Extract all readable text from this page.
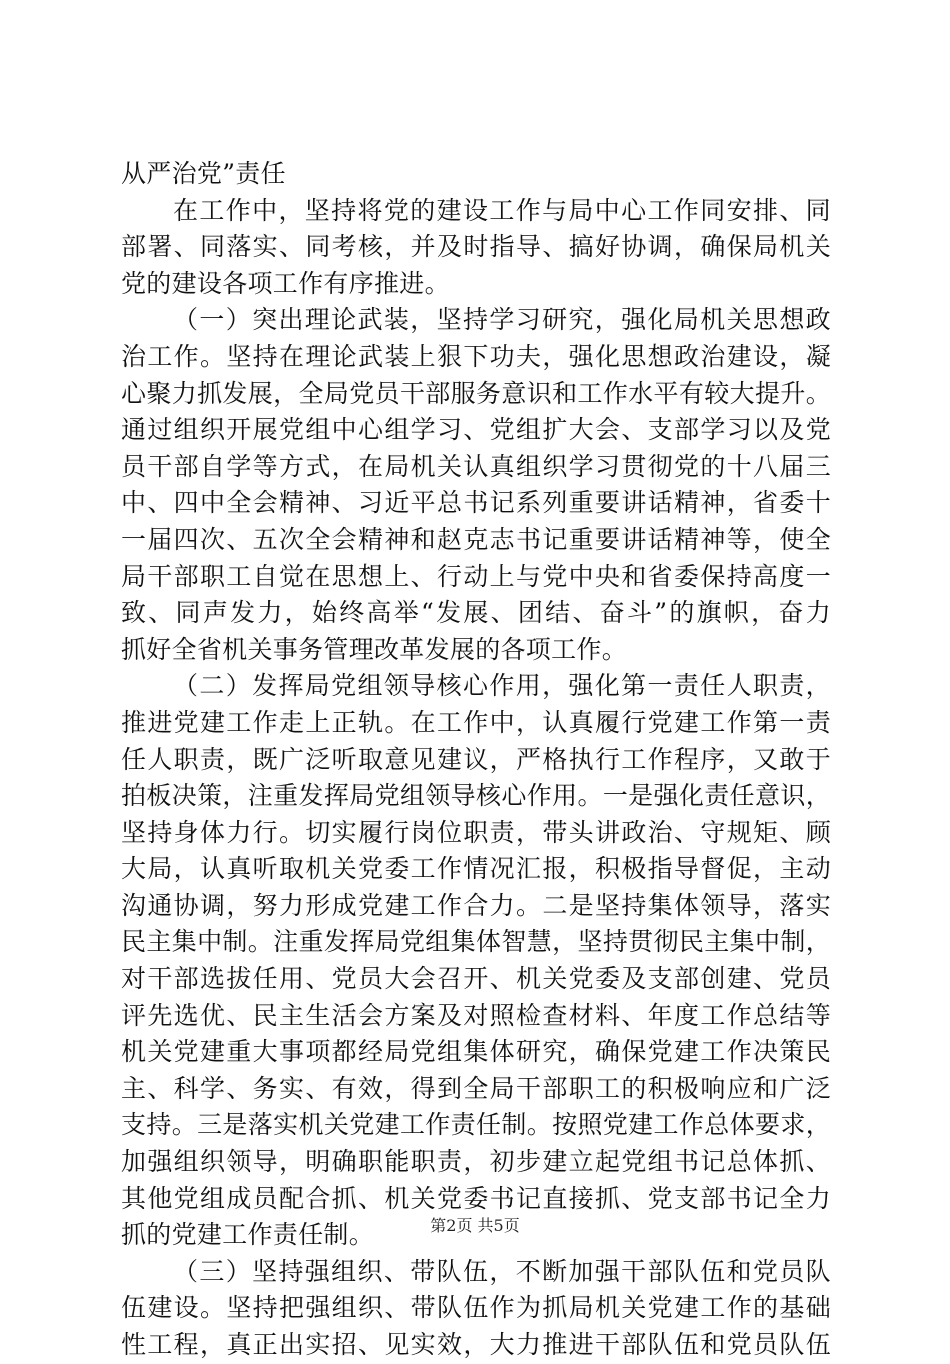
从严治党”责任
在工作中，坚持将党的建设工作与局中心工作同安排、同
部署、同落实、同考核，并及时指导、搞好协调，确保局机关
党的建设各项工作有序推进。
（一）突出理论武装，坚持学习研究，强化局机关思想政
治工作。坚持在理论武装上狠下功夫，强化思想政治建设，凝
心聚力抓发展，全局党员干部服务意识和工作水平有较大提升。
通过组织开展党组中心组学习、党组扩大会、支部学习以及党
员干部自学等方式，在局机关认真组织学习贯彻党的十八届三
中、四中全会精神、习近平总书记系列重要讲话精神，省委十
一届四次、五次全会精神和赵克志书记重要讲话精神等，使全
局干部职工自觉在思想上、行动上与党中央和省委保持高度一
致、同声发力，始终高举“发展、团结、奋斗”的旗帜，奋力
抓好全省机关事务管理改革发展的各项工作。
（二）发挥局党组领导核心作用，强化第一责任人职责，
推进党建工作走上正轨。在工作中，认真履行党建工作第一责
任人职责，既广泛听取意见建议，严格执行工作程序，又敢于
拍板决策，注重发挥局党组领导核心作用。一是强化责任意识，
坚持身体力行。切实履行岗位职责，带头讲政治、守规矩、顾
大局，认真听取机关党委工作情况汇报，积极指导督促，主动
沟通协调，努力形成党建工作合力。二是坚持集体领导，落实
民主集中制。注重发挥局党组集体智慧，坚持贯彻民主集中制，
对干部选拔任用、党员大会召开、机关党委及支部创建、党员
评先选优、民主生活会方案及对照检查材料、年度工作总结等
机关党建重大事项都经局党组集体研究，确保党建工作决策民
主、科学、务实、有效，得到全局干部职工的积极响应和广泛
支持。三是落实机关党建工作责任制。按照党建工作总体要求，
加强组织领导，明确职能职责，初步建立起党组书记总体抓、
其他党组成员配合抓、机关党委书记直接抓、党支部书记全力
抓的党建工作责任制。
（三）坚持强组织、带队伍，不断加强干部队伍和党员队
伍建设。坚持把强组织、带队伍作为抓局机关党建工作的基础
性工程，真正出实招、见实效，大力推进干部队伍和党员队伍
第2页 共5页
